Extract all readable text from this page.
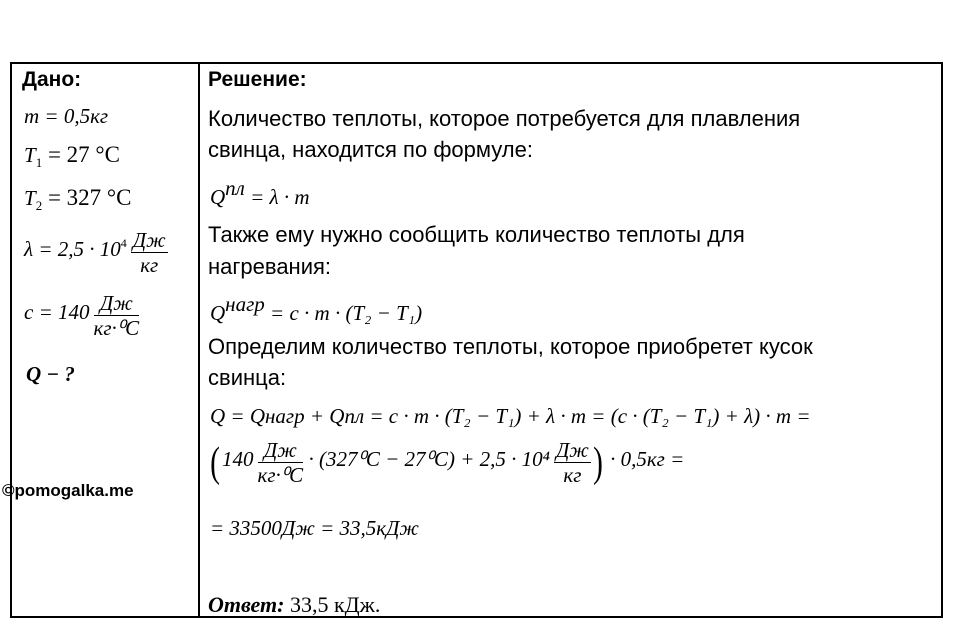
Дано:
m = 0,5кг
$T_1 = 27$ °C
$T_2 = 327$ °C
$\lambda = 2,5 \cdot 10^4 \frac{Дж}{кг}$
$c = 140 \frac{Дж}{\text{кг·⁰C}}$
Q − ?
Решение:
Количество теплоты, которое потребуется для плавления
свинца, находится по формуле:
$Q^{пл} = \lambda \cdot m$
Также ему нужно сообщить количество теплоты для
нагревания:
$Q^{нагр} = c \cdot m \cdot (T_2 - T_1)$
Определим количество теплоты, которое приобретет кусок
свинца:
Q = Qнагр + Qпл = c · m · (T₂ − T₁) + λ · m = (c · (T₂ − T₁) + λ) · m =
( $140 \frac{Дж}{\text{кг·⁰C}} \cdot (327^0C - 27^0C) + 2,5 \cdot 10^4 \frac{Дж}{кг}$ ) · 0,5кг =
= 33500Дж = 33,5кДж
Ответ: 33,5 кДж.
©pomogalka.me
